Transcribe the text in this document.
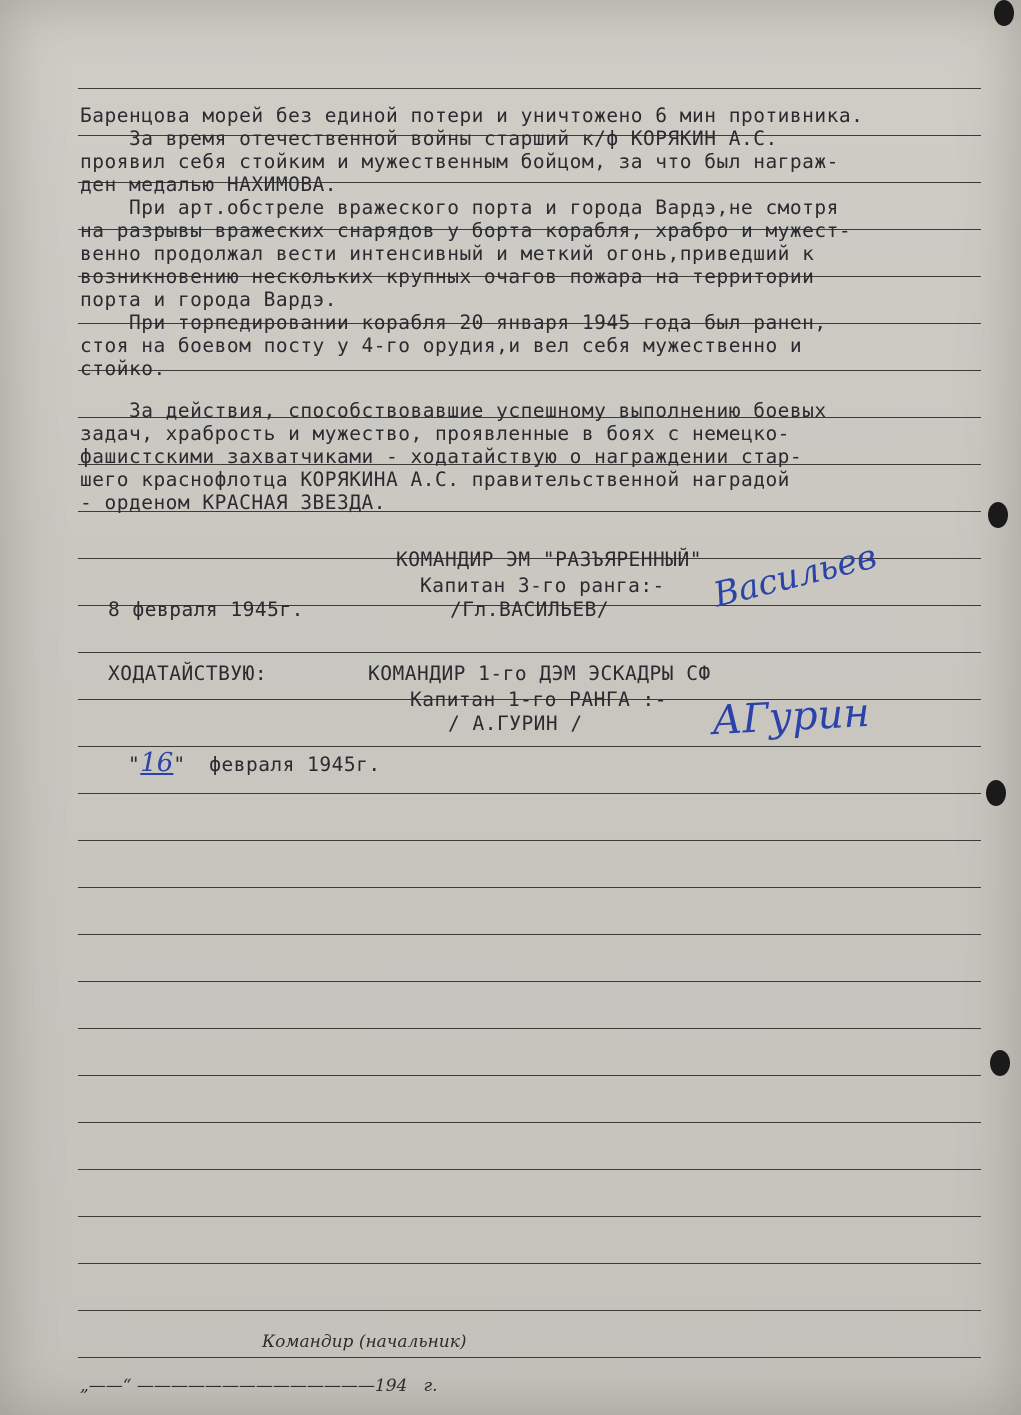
Баренцова морей без единой потери и уничтожено 6 мин противника.
За время отечественной войны старший к/ф КОРЯКИН А.С.
проявил себя стойким и мужественным бойцом, за что был награж-
ден медалью НАХИМОВА.
При арт.обстреле вражеского порта и города Вардэ,не смотря
на разрывы вражеских снарядов у борта корабля, храбро и мужест-
венно продолжал вести интенсивный и меткий огонь,приведший к
возникновению нескольких крупных очагов пожара на территории
порта и города Вардэ.
При торпедировании корабля 20 января 1945 года был ранен,
стоя на боевом посту у 4-го орудия,и вел себя мужественно и
стойко.
За действия, способствовавшие успешному выполнению боевых
задач, храбрость и мужество, проявленные в боях с немецко-
фашистскими захватчиками - ходатайствую о награждении стар-
шего краснофлотца КОРЯКИНА А.С. правительственной наградой
- орденом КРАСНАЯ ЗВЕЗДА.
КОМАНДИР ЭМ "РАЗЪЯРЕННЫЙ"
Капитан 3-го ранга:-
8 февраля 1945г.	/Гл.ВАСИЛЬЕВ/	Васильев
ХОДАТАЙСТВУЮ:	КОМАНДИР 1-го ДЭМ ЭСКАДРЫ СФ
Капитан 1-го РАНГА :-
/ А.ГУРИН /	АГурин
"16" февраля 1945г.
Командир (начальник)
„——“ ——————————————194   г.
